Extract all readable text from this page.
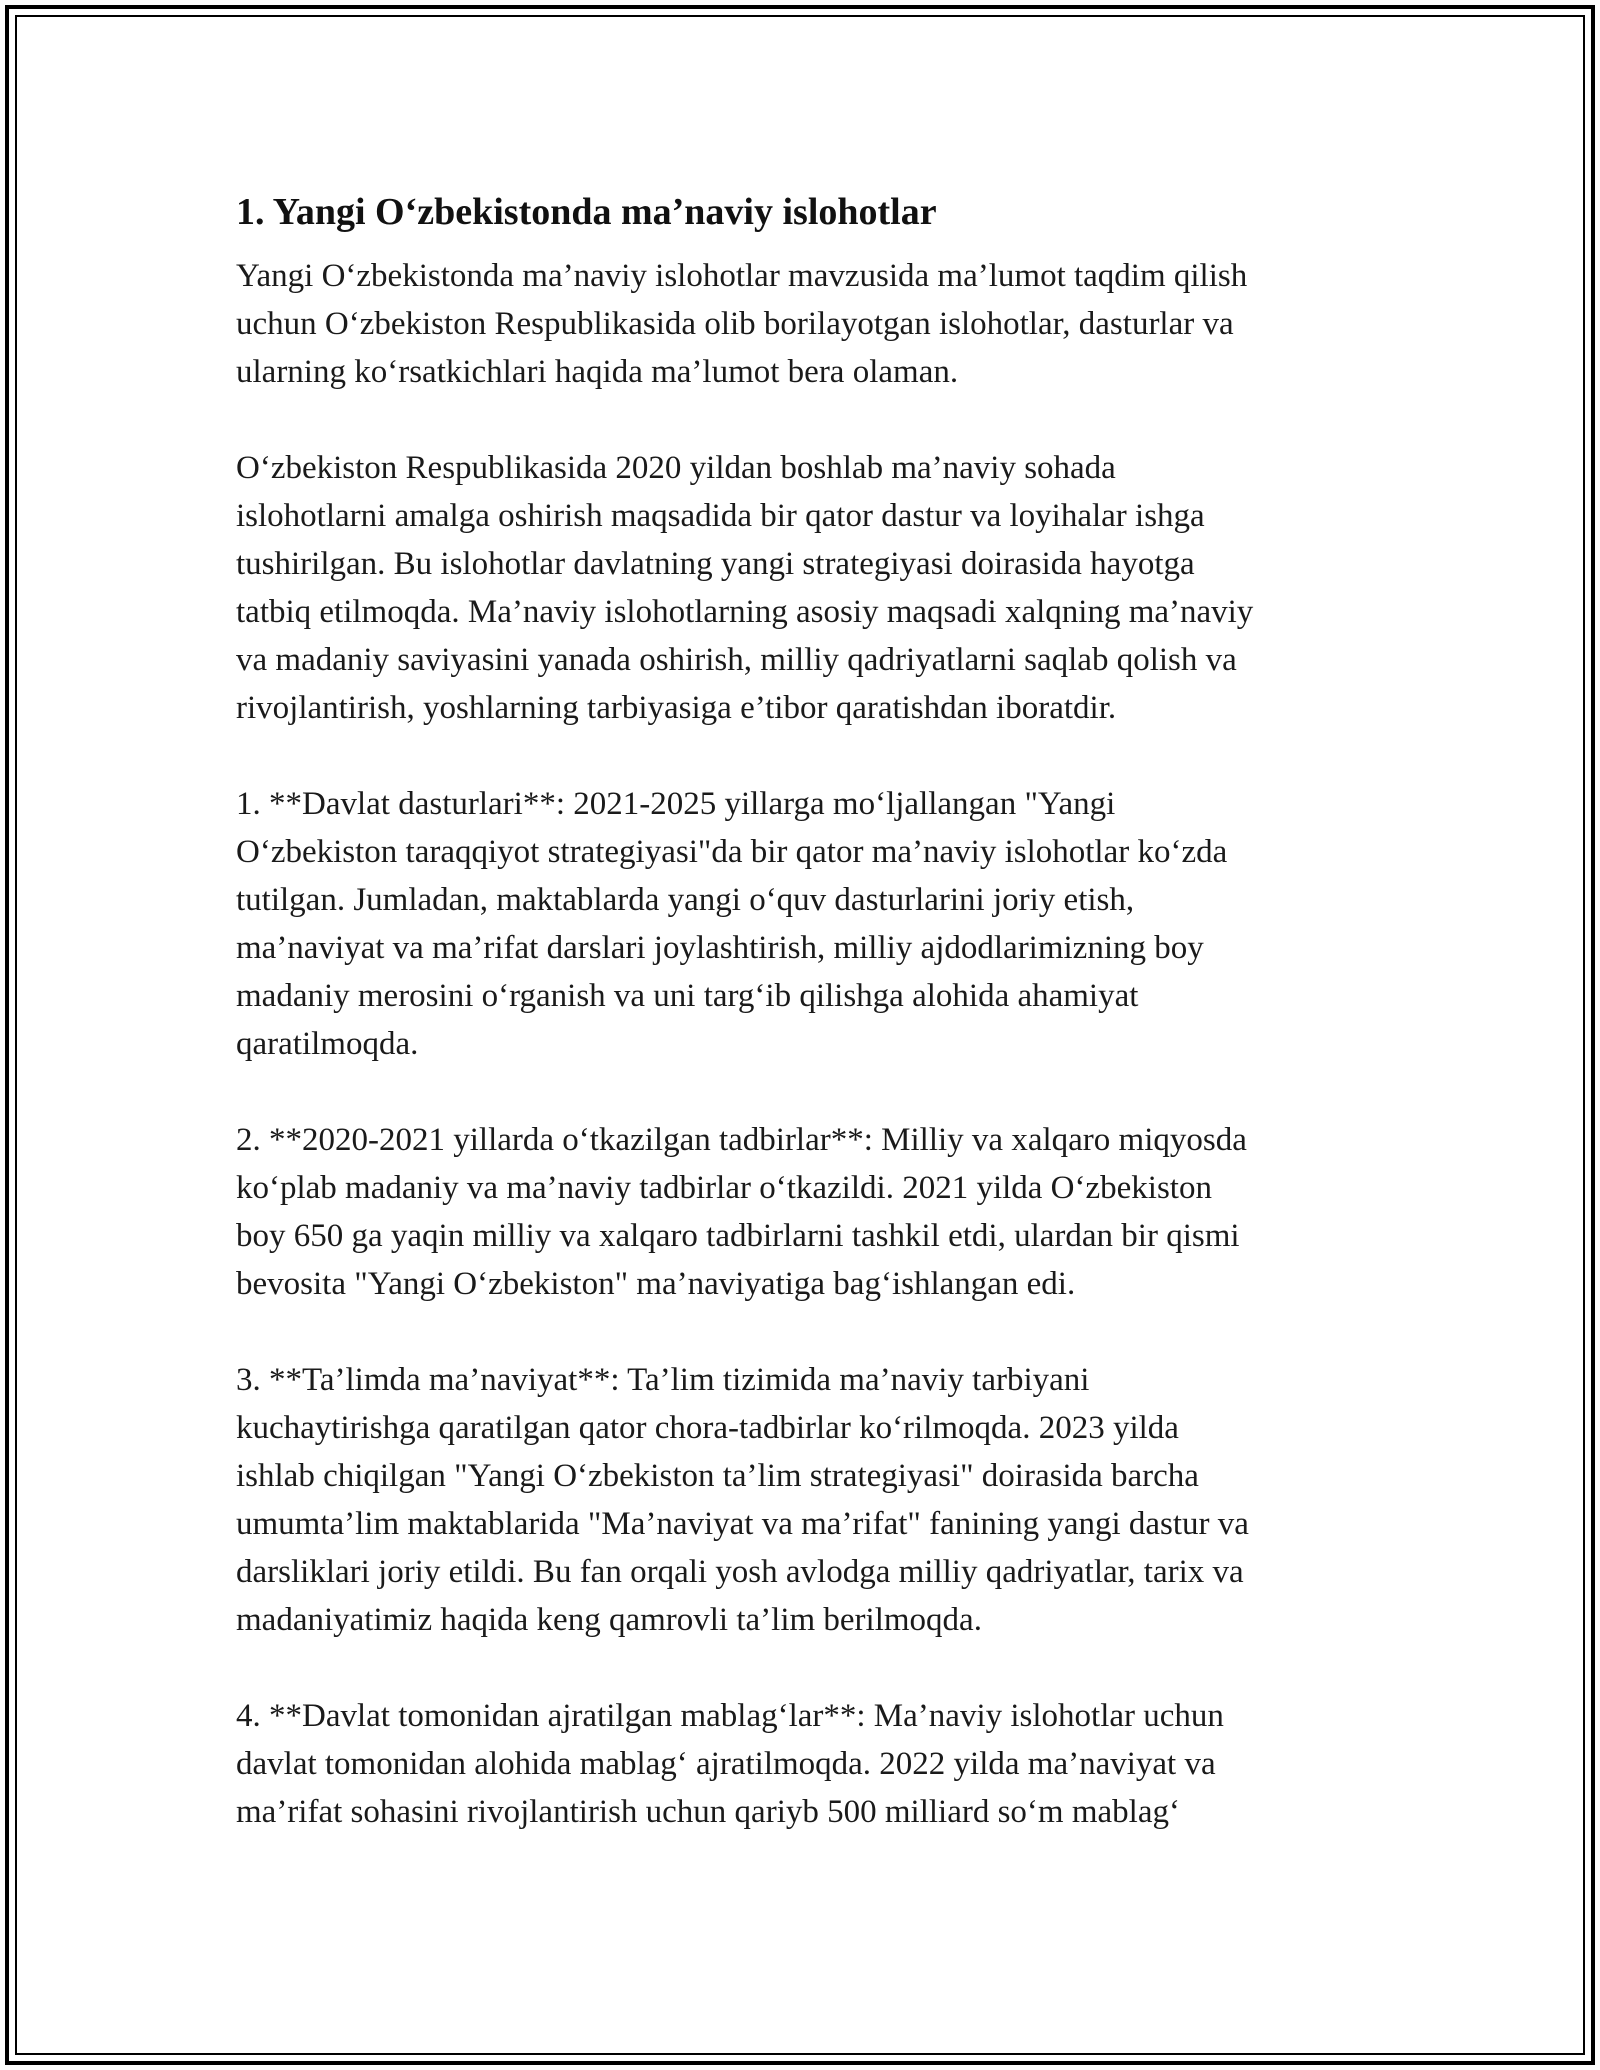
1. Yangi O‘zbekistonda ma’naviy islohotlar

Yangi O‘zbekistonda ma’naviy islohotlar mavzusida ma’lumot taqdim qilish
uchun O‘zbekiston Respublikasida olib borilayotgan islohotlar, dasturlar va
ularning ko‘rsatkichlari haqida ma’lumot bera olaman.

O‘zbekiston Respublikasida 2020 yildan boshlab ma’naviy sohada
islohotlarni amalga oshirish maqsadida bir qator dastur va loyihalar ishga
tushirilgan. Bu islohotlar davlatning yangi strategiyasi doirasida hayotga
tatbiq etilmoqda. Ma’naviy islohotlarning asosiy maqsadi xalqning ma’naviy
va madaniy saviyasini yanada oshirish, milliy qadriyatlarni saqlab qolish va
rivojlantirish, yoshlarning tarbiyasiga e’tibor qaratishdan iboratdir.

1. **Davlat dasturlari**: 2021-2025 yillarga mo‘ljallangan "Yangi
O‘zbekiston taraqqiyot strategiyasi"da bir qator ma’naviy islohotlar ko‘zda
tutilgan. Jumladan, maktablarda yangi o‘quv dasturlarini joriy etish,
ma’naviyat va ma’rifat darslari joylashtirish, milliy ajdodlarimizning boy
madaniy merosini o‘rganish va uni targ‘ib qilishga alohida ahamiyat
qaratilmoqda.

2. **2020-2021 yillarda o‘tkazilgan tadbirlar**: Milliy va xalqaro miqyosda
ko‘plab madaniy va ma’naviy tadbirlar o‘tkazildi. 2021 yilda O‘zbekiston
boy 650 ga yaqin milliy va xalqaro tadbirlarni tashkil etdi, ulardan bir qismi
bevosita "Yangi O‘zbekiston" ma’naviyatiga bag‘ishlangan edi.

3. **Ta’limda ma’naviyat**: Ta’lim tizimida ma’naviy tarbiyani
kuchaytirishga qaratilgan qator chora-tadbirlar ko‘rilmoqda. 2023 yilda
ishlab chiqilgan "Yangi O‘zbekiston ta’lim strategiyasi" doirasida barcha
umumta’lim maktablarida "Ma’naviyat va ma’rifat" fanining yangi dastur va
darsliklari joriy etildi. Bu fan orqali yosh avlodga milliy qadriyatlar, tarix va
madaniyatimiz haqida keng qamrovli ta’lim berilmoqda.

4. **Davlat tomonidan ajratilgan mablag‘lar**: Ma’naviy islohotlar uchun
davlat tomonidan alohida mablag‘ ajratilmoqda. 2022 yilda ma’naviyat va
ma’rifat sohasini rivojlantirish uchun qariyb 500 milliard so‘m mablag‘
